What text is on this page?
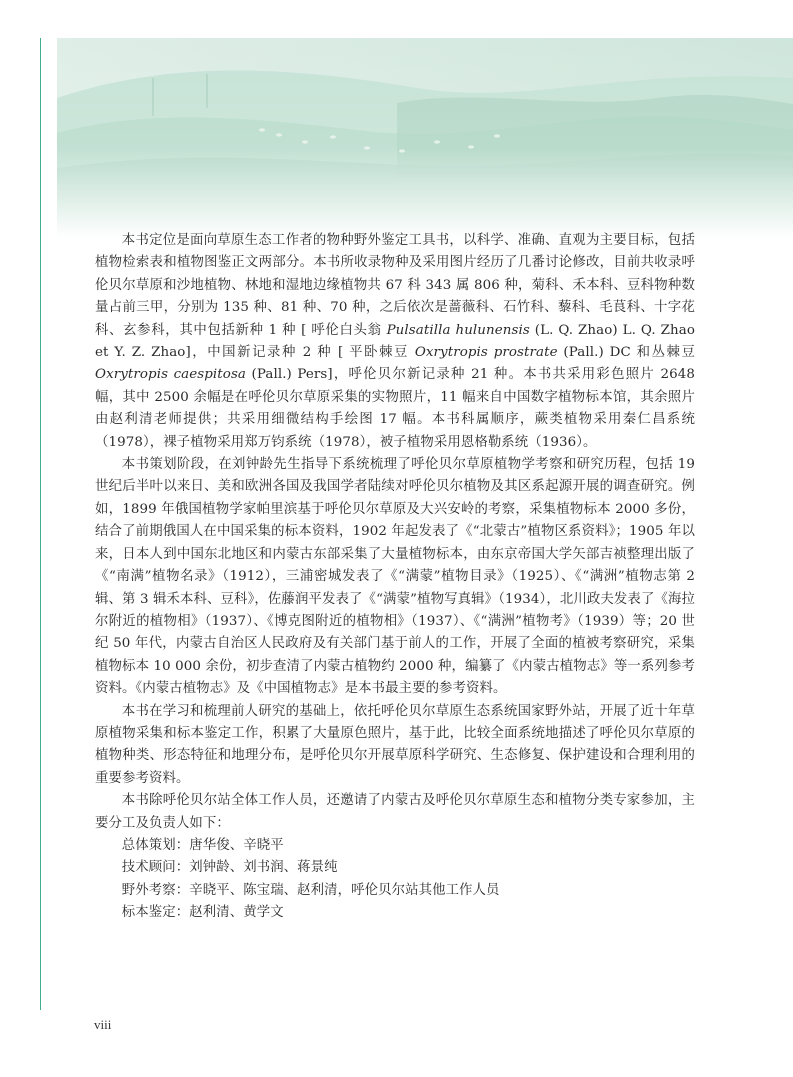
本书定位是面向草原生态工作者的物种野外鉴定工具书，以科学、准确、直观为主要目标，包括植物检索表和植物图鉴正文两部分。本书所收录物种及采用图片经历了几番讨论修改，目前共收录呼伦贝尔草原和沙地植物、林地和湿地边缘植物共 67 科 343 属 806 种，菊科、禾本科、豆科物种数量占前三甲，分别为 135 种、81 种、70 种，之后依次是蔷薇科、石竹科、藜科、毛茛科、十字花科、玄参科，其中包括新种 1 种 [ 呼伦白头翁 Pulsatilla hulunensis (L. Q. Zhao) L. Q. Zhao et Y. Z. Zhao]，中国新记录种 2 种 [ 平卧棘豆 Oxrytropis prostrate (Pall.) DC 和丛棘豆 Oxrytropis caespitosa (Pall.) Pers]，呼伦贝尔新记录种 21 种。本书共采用彩色照片 2648 幅，其中 2500 余幅是在呼伦贝尔草原采集的实物照片，11 幅来自中国数字植物标本馆，其余照片由赵利清老师提供；共采用细微结构手绘图 17 幅。本书科属顺序，蕨类植物采用秦仁昌系统（1978），裸子植物采用郑万钧系统（1978），被子植物采用恩格勒系统（1936）。

本书策划阶段，在刘钟龄先生指导下系统梳理了呼伦贝尔草原植物学考察和研究历程，包括 19 世纪后半叶以来日、美和欧洲各国及我国学者陆续对呼伦贝尔植物及其区系起源开展的调查研究。例如，1899 年俄国植物学家帕里滨基于呼伦贝尔草原及大兴安岭的考察，采集植物标本 2000 多份，结合了前期俄国人在中国采集的标本资料，1902 年起发表了《“北蒙古”植物区系资料》；1905 年以来，日本人到中国东北地区和内蒙古东部采集了大量植物标本，由东京帝国大学矢部吉祯整理出版了《“南满”植物名录》（1912），三浦密城发表了《“满蒙”植物目录》（1925）、《“满洲”植物志第 2 辑、第 3 辑禾本科、豆科》，佐藤润平发表了《“满蒙”植物写真辑》（1934），北川政夫发表了《海拉尔附近的植物相》（1937）、《博克图附近的植物相》（1937）、《“满洲”植物考》（1939）等；20 世纪 50 年代，内蒙古自治区人民政府及有关部门基于前人的工作，开展了全面的植被考察研究，采集植物标本 10 000 余份，初步查清了内蒙古植物约 2000 种，编纂了《内蒙古植物志》等一系列参考资料。《内蒙古植物志》及《中国植物志》是本书最主要的参考资料。

本书在学习和梳理前人研究的基础上，依托呼伦贝尔草原生态系统国家野外站，开展了近十年草原植物采集和标本鉴定工作，积累了大量原色照片，基于此，比较全面系统地描述了呼伦贝尔草原的植物种类、形态特征和地理分布，是呼伦贝尔开展草原科学研究、生态修复、保护建设和合理利用的重要参考资料。

本书除呼伦贝尔站全体工作人员，还邀请了内蒙古及呼伦贝尔草原生态和植物分类专家参加，主要分工及负责人如下：

总体策划：唐华俊、辛晓平
技术顾问：刘钟龄、刘书润、蒋景纯
野外考察：辛晓平、陈宝瑞、赵利清，呼伦贝尔站其他工作人员
标本鉴定：赵利清、黄学文
viii
